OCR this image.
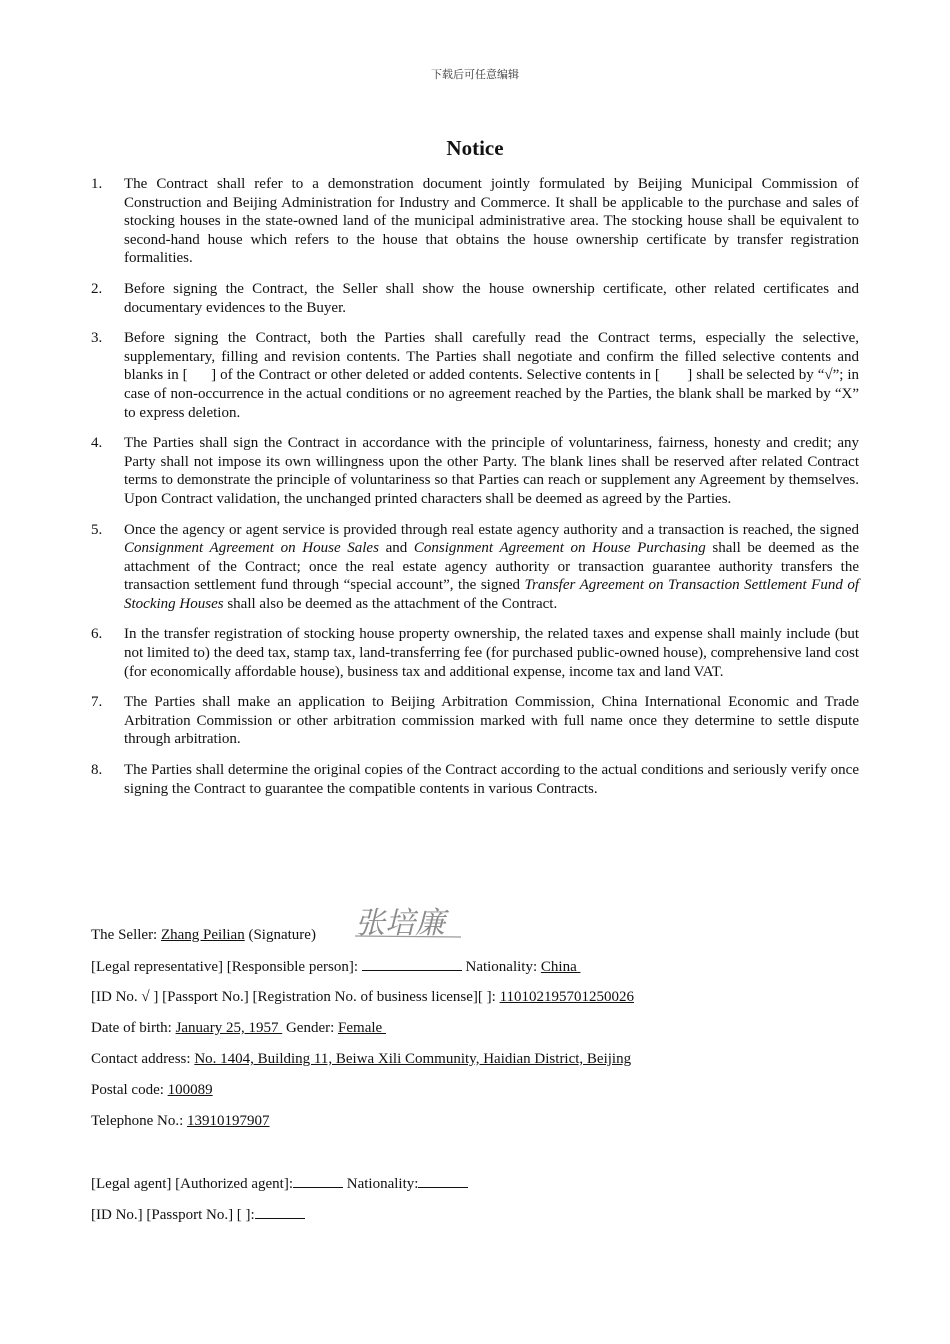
下载后可任意编辑
Notice
1.	The Contract shall refer to a demonstration document jointly formulated by Beijing Municipal Commission of Construction and Beijing Administration for Industry and Commerce. It shall be applicable to the purchase and sales of stocking houses in the state-owned land of the municipal administrative area. The stocking house shall be equivalent to second-hand house which refers to the house that obtains the house ownership certificate by transfer registration formalities.
2.	Before signing the Contract, the Seller shall show the house ownership certificate, other related certificates and documentary evidences to the Buyer.
3.	Before signing the Contract, both the Parties shall carefully read the Contract terms, especially the selective, supplementary, filling and revision contents. The Parties shall negotiate and confirm the filled selective contents and blanks in [      ] of the Contract or other deleted or added contents. Selective contents in [       ] shall be selected by “√”; in case of non-occurrence in the actual conditions or no agreement reached by the Parties, the blank shall be marked by “X” to express deletion.
4.	The Parties shall sign the Contract in accordance with the principle of voluntariness, fairness, honesty and credit; any Party shall not impose its own willingness upon the other Party. The blank lines shall be reserved after related Contract terms to demonstrate the principle of voluntariness so that Parties can reach or supplement any Agreement by themselves. Upon Contract validation, the unchanged printed characters shall be deemed as agreed by the Parties.
5.	Once the agency or agent service is provided through real estate agency authority and a transaction is reached, the signed Consignment Agreement on House Sales and Consignment Agreement on House Purchasing shall be deemed as the attachment of the Contract; once the real estate agency authority or transaction guarantee authority transfers the transaction settlement fund through “special account”, the signed Transfer Agreement on Transaction Settlement Fund of Stocking Houses shall also be deemed as the attachment of the Contract.
6.	In the transfer registration of stocking house property ownership, the related taxes and expense shall mainly include (but not limited to) the deed tax, stamp tax, land-transferring fee (for purchased public-owned house), comprehensive land cost (for economically affordable house), business tax and additional expense, income tax and land VAT.
7.	The Parties shall make an application to Beijing Arbitration Commission, China International Economic and Trade Arbitration Commission or other arbitration commission marked with full name once they determine to settle dispute through arbitration.
8.	The Parties shall determine the original copies of the Contract according to the actual conditions and seriously verify once signing the Contract to guarantee the compatible contents in various Contracts.
The Seller: Zhang Peilian (Signature) 张培廉
[Legal representative] [Responsible person]:	Nationality: China
[ID No. √ ] [Passport No.] [Registration No. of business license][ ]: 110102195701250026
Date of birth: January 25, 1957  Gender: Female
Contact address: No. 1404, Building 11, Beiwa Xili Community, Haidian District, Beijing
Postal code: 100089
Telephone No.: 13910197907
[Legal agent] [Authorized agent]:	Nationality:
[ID No.] [Passport No.] [ ]:
